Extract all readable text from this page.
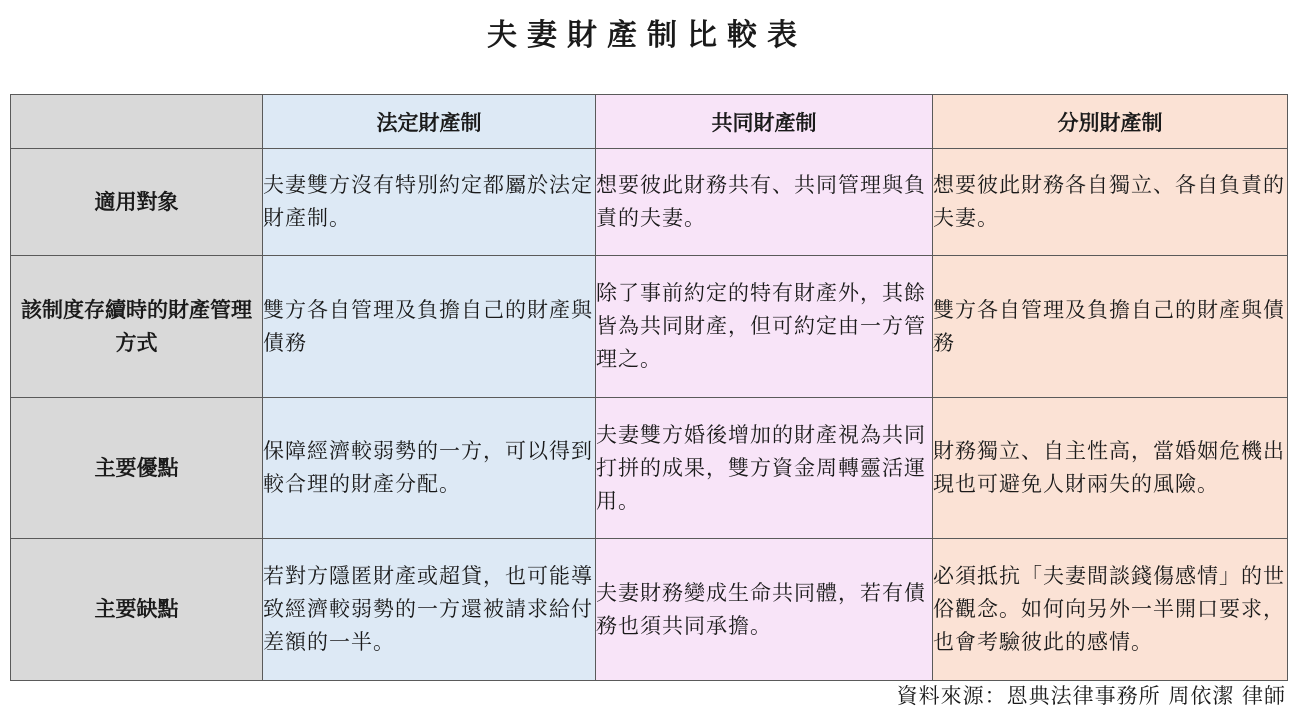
夫妻財產制比較表
	法定財產制	共同財產制	分別財產制
適用對象	夫妻雙方沒有特別約定都屬於法定財產制。	想要彼此財務共有、共同管理與負責的夫妻。	想要彼此財務各自獨立、各自負責的夫妻。
該制度存續時的財產管理方式	雙方各自管理及負擔自己的財產與債務	除了事前約定的特有財產外，其餘皆為共同財產，但可約定由一方管理之。	雙方各自管理及負擔自己的財產與債務
主要優點	保障經濟較弱勢的一方，可以得到較合理的財產分配。	夫妻雙方婚後增加的財產視為共同打拼的成果，雙方資金周轉靈活運用。	財務獨立、自主性高，當婚姻危機出現也可避免人財兩失的風險。
主要缺點	若對方隱匿財產或超貸，也可能導致經濟較弱勢的一方還被請求給付差額的一半。	夫妻財務變成生命共同體，若有債務也須共同承擔。	必須抵抗「夫妻間談錢傷感情」的世俗觀念。如何向另外一半開口要求，也會考驗彼此的感情。
資料來源：恩典法律事務所 周依潔 律師
